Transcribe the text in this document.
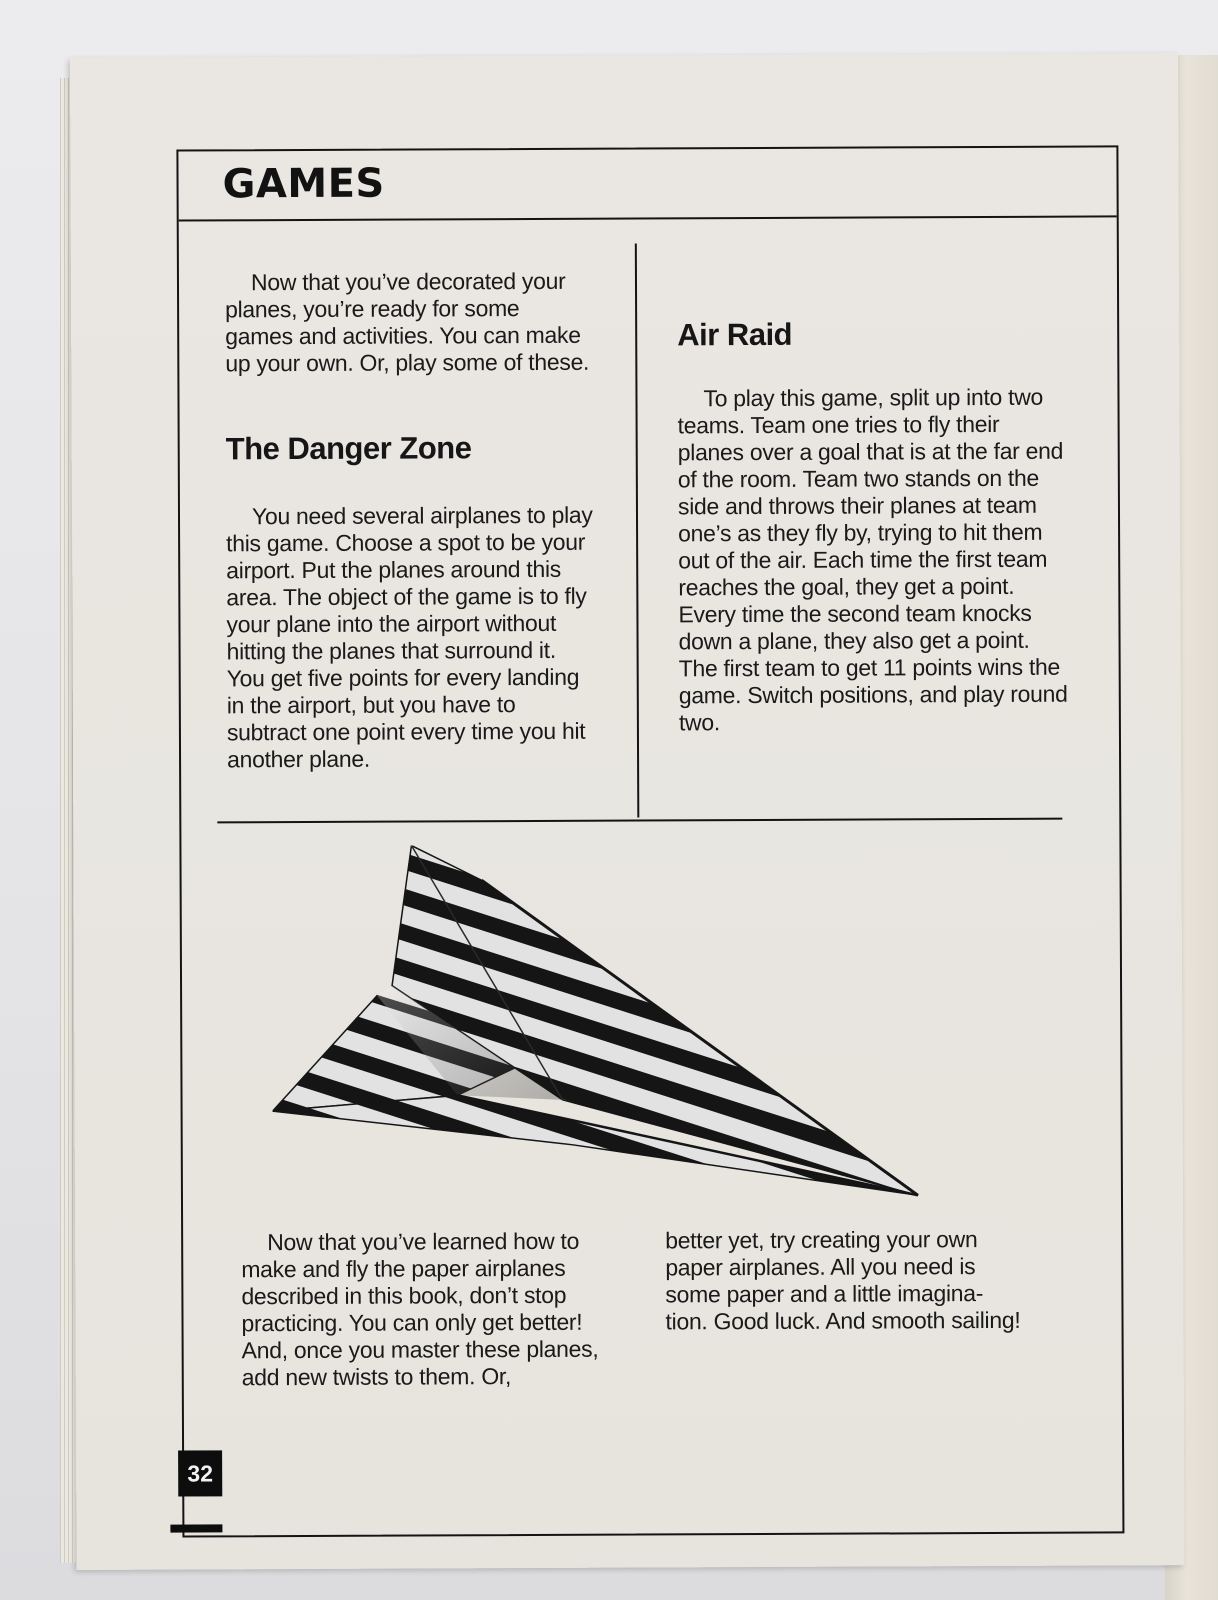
GAMES

Now that you’ve decorated your planes, you’re ready for some games and activities. You can make up your own. Or, play some of these.

The Danger Zone

You need several airplanes to play this game. Choose a spot to be your airport. Put the planes around this area. The object of the game is to fly your plane into the airport without hitting the planes that surround it. You get five points for every landing in the airport, but you have to subtract one point every time you hit another plane.

Air Raid

To play this game, split up into two teams. Team one tries to fly their planes over a goal that is at the far end of the room. Team two stands on the side and throws their planes at team one’s as they fly by, trying to hit them out of the air. Each time the first team reaches the goal, they get a point. Every time the second team knocks down a plane, they also get a point. The first team to get 11 points wins the game. Switch positions, and play round two.

Now that you’ve learned how to make and fly the paper airplanes described in this book, don’t stop practicing. You can only get better! And, once you master these planes, add new twists to them. Or,

better yet, try creating your own paper airplanes. All you need is some paper and a little imagina-tion. Good luck. And smooth sailing!

32
